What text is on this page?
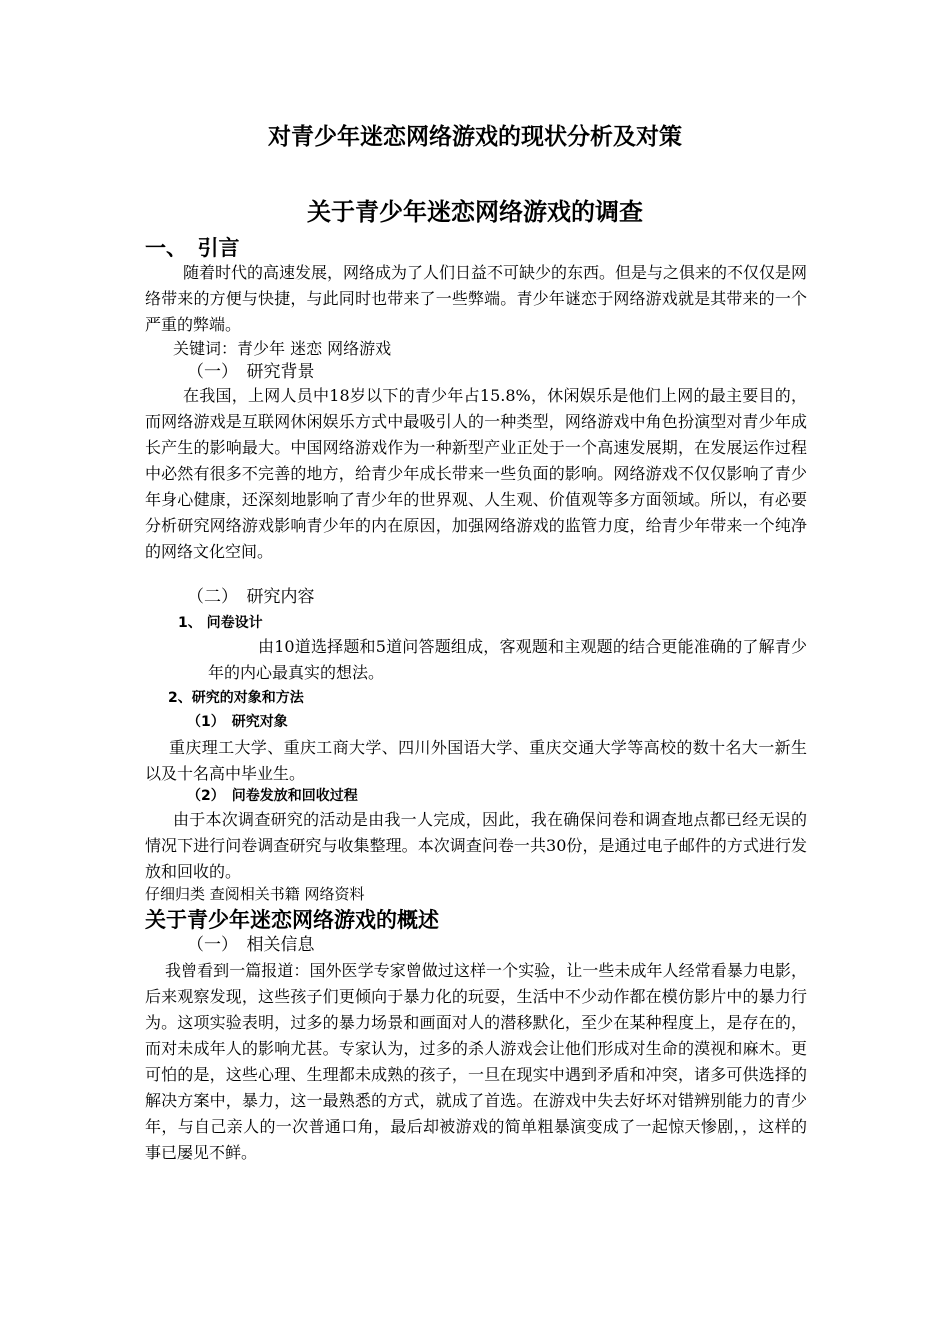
对青少年迷恋网络游戏的现状分析及对策
关于青少年迷恋网络游戏的调查
一、　引言
随着时代的高速发展，网络成为了人们日益不可缺少的东西。但是与之俱来的不仅仅是网络带来的方便与快捷，与此同时也带来了一些弊端。青少年谜恋于网络游戏就是其带来的一个严重的弊端。
关键词：青少年 迷恋 网络游戏
（一）　研究背景
在我国，上网人员中18岁以下的青少年占15.8%，休闲娱乐是他们上网的最主要目的，而网络游戏是互联网休闲娱乐方式中最吸引人的一种类型，网络游戏中角色扮演型对青少年成长产生的影响最大。中国网络游戏作为一种新型产业正处于一个高速发展期，在发展运作过程中必然有很多不完善的地方，给青少年成长带来一些负面的影响。网络游戏不仅仅影响了青少年身心健康，还深刻地影响了青少年的世界观、人生观、价值观等多方面领域。所以，有必要分析研究网络游戏影响青少年的内在原因，加强网络游戏的监管力度，给青少年带来一个纯净的网络文化空间。
（二）　研究内容
1、 问卷设计
由10道选择题和5道问答题组成，客观题和主观题的结合更能准确的了解青少年的内心最真实的想法。
2、研究的对象和方法
（1）　研究对象
重庆理工大学、重庆工商大学、四川外国语大学、重庆交通大学等高校的数十名大一新生以及十名高中毕业生。
（2）　问卷发放和回收过程
由于本次调查研究的活动是由我一人完成，因此，我在确保问卷和调查地点都已经无误的情况下进行问卷调查研究与收集整理。本次调查问卷一共30份，是通过电子邮件的方式进行发放和回收的。
仔细归类 查阅相关书籍 网络资料
关于青少年迷恋网络游戏的概述
（一）　相关信息
我曾看到一篇报道：国外医学专家曾做过这样一个实验，让一些未成年人经常看暴力电影，后来观察发现，这些孩子们更倾向于暴力化的玩耍，生活中不少动作都在模仿影片中的暴力行为。这项实验表明，过多的暴力场景和画面对人的潜移默化，至少在某种程度上，是存在的，而对未成年人的影响尤甚。专家认为，过多的杀人游戏会让他们形成对生命的漠视和麻木。更可怕的是，这些心理、生理都未成熟的孩子，一旦在现实中遇到矛盾和冲突，诸多可供选择的解决方案中，暴力，这一最熟悉的方式，就成了首选。在游戏中失去好坏对错辨别能力的青少年，与自己亲人的一次普通口角，最后却被游戏的简单粗暴演变成了一起惊天惨剧，，这样的事已屡见不鲜。
